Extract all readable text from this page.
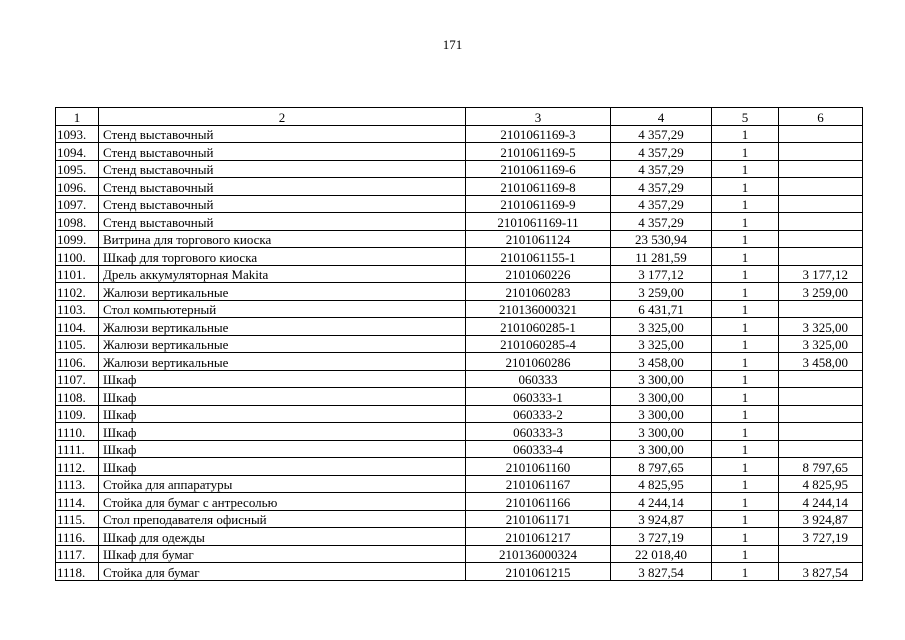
171
1	2	3	4	5	6
1093.	Стенд выставочный	2101061169-3	4 357,29	1	
1094.	Стенд выставочный	2101061169-5	4 357,29	1	
1095.	Стенд выставочный	2101061169-6	4 357,29	1	
1096.	Стенд выставочный	2101061169-8	4 357,29	1	
1097.	Стенд выставочный	2101061169-9	4 357,29	1	
1098.	Стенд выставочный	2101061169-11	4 357,29	1	
1099.	Витрина для торгового киоска	2101061124	23 530,94	1	
1100.	Шкаф для торгового киоска	2101061155-1	11 281,59	1	
1101.	Дрель аккумуляторная Makita	2101060226	3 177,12	1	3 177,12
1102.	Жалюзи вертикальные	2101060283	3 259,00	1	3 259,00
1103.	Стол компьютерный	210136000321	6 431,71	1	
1104.	Жалюзи вертикальные	2101060285-1	3 325,00	1	3 325,00
1105.	Жалюзи вертикальные	2101060285-4	3 325,00	1	3 325,00
1106.	Жалюзи вертикальные	2101060286	3 458,00	1	3 458,00
1107.	Шкаф	060333	3 300,00	1	
1108.	Шкаф	060333-1	3 300,00	1	
1109.	Шкаф	060333-2	3 300,00	1	
1110.	Шкаф	060333-3	3 300,00	1	
1111.	Шкаф	060333-4	3 300,00	1	
1112.	Шкаф	2101061160	8 797,65	1	8 797,65
1113.	Стойка для аппаратуры	2101061167	4 825,95	1	4 825,95
1114.	Стойка для бумаг с антресолью	2101061166	4 244,14	1	4 244,14
1115.	Стол преподавателя офисный	2101061171	3 924,87	1	3 924,87
1116.	Шкаф для одежды	2101061217	3 727,19	1	3 727,19
1117.	Шкаф для бумаг	210136000324	22 018,40	1	
1118.	Стойка для бумаг	2101061215	3 827,54	1	3 827,54
